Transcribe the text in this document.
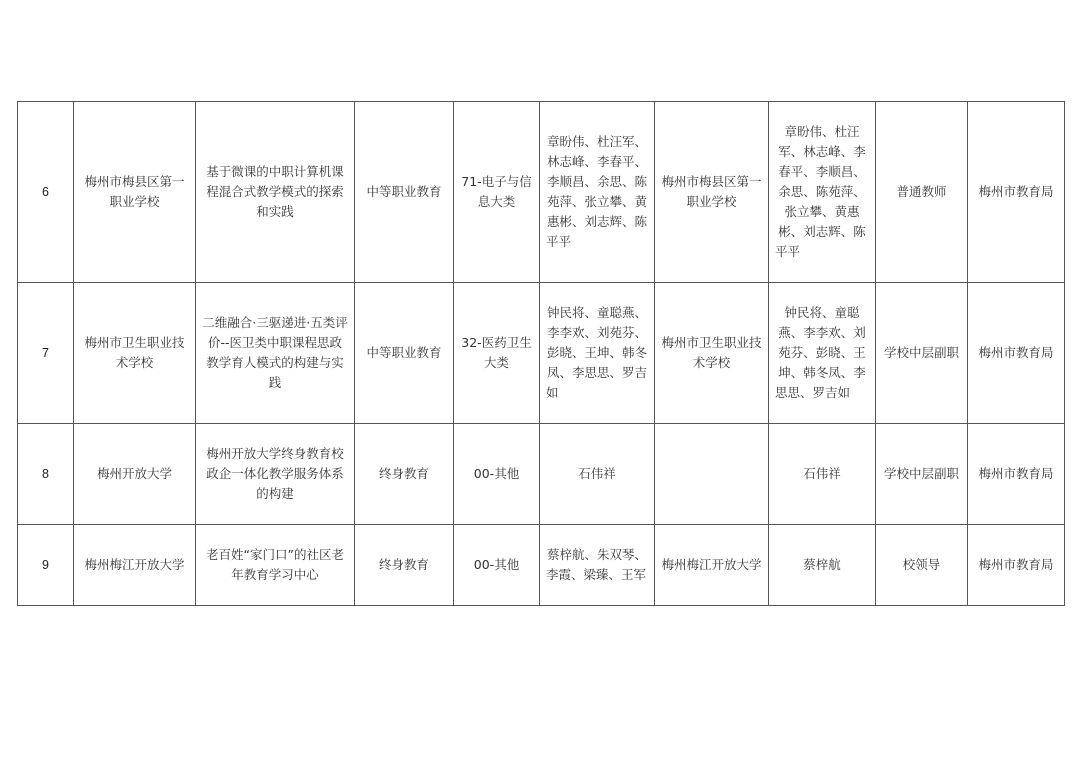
6	梅州市梅县区第一职业学校	基于微课的中职计算机课程混合式教学模式的探索和实践	中等职业教育	71-电子与信息大类	章盼伟、杜汪军、林志峰、李春平、李顺昌、余思、陈苑萍、张立攀、黄惠彬、刘志辉、陈平平	梅州市梅县区第一职业学校	章盼伟、杜汪军、林志峰、李春平、李顺昌、余思、陈苑萍、张立攀、黄惠彬、刘志辉、陈平平	普通教师	梅州市教育局
7	梅州市卫生职业技术学校	二维融合·三驱递进·五类评价--医卫类中职课程思政教学育人模式的构建与实践	中等职业教育	32-医药卫生大类	钟民将、童聪燕、李李欢、刘苑芬、彭晓、王坤、韩冬凤、李思思、罗吉如	梅州市卫生职业技术学校	钟民将、童聪燕、李李欢、刘苑芬、彭晓、王坤、韩冬凤、李思思、罗吉如	学校中层副职	梅州市教育局
8	梅州开放大学	梅州开放大学终身教育校政企一体化教学服务体系的构建	终身教育	00-其他	石伟祥		石伟祥	学校中层副职	梅州市教育局
9	梅州梅江开放大学	老百姓“家门口”的社区老年教育学习中心	终身教育	00-其他	蔡梓航、朱双琴、李霞、梁臻、王军	梅州梅江开放大学	蔡梓航	校领导	梅州市教育局
